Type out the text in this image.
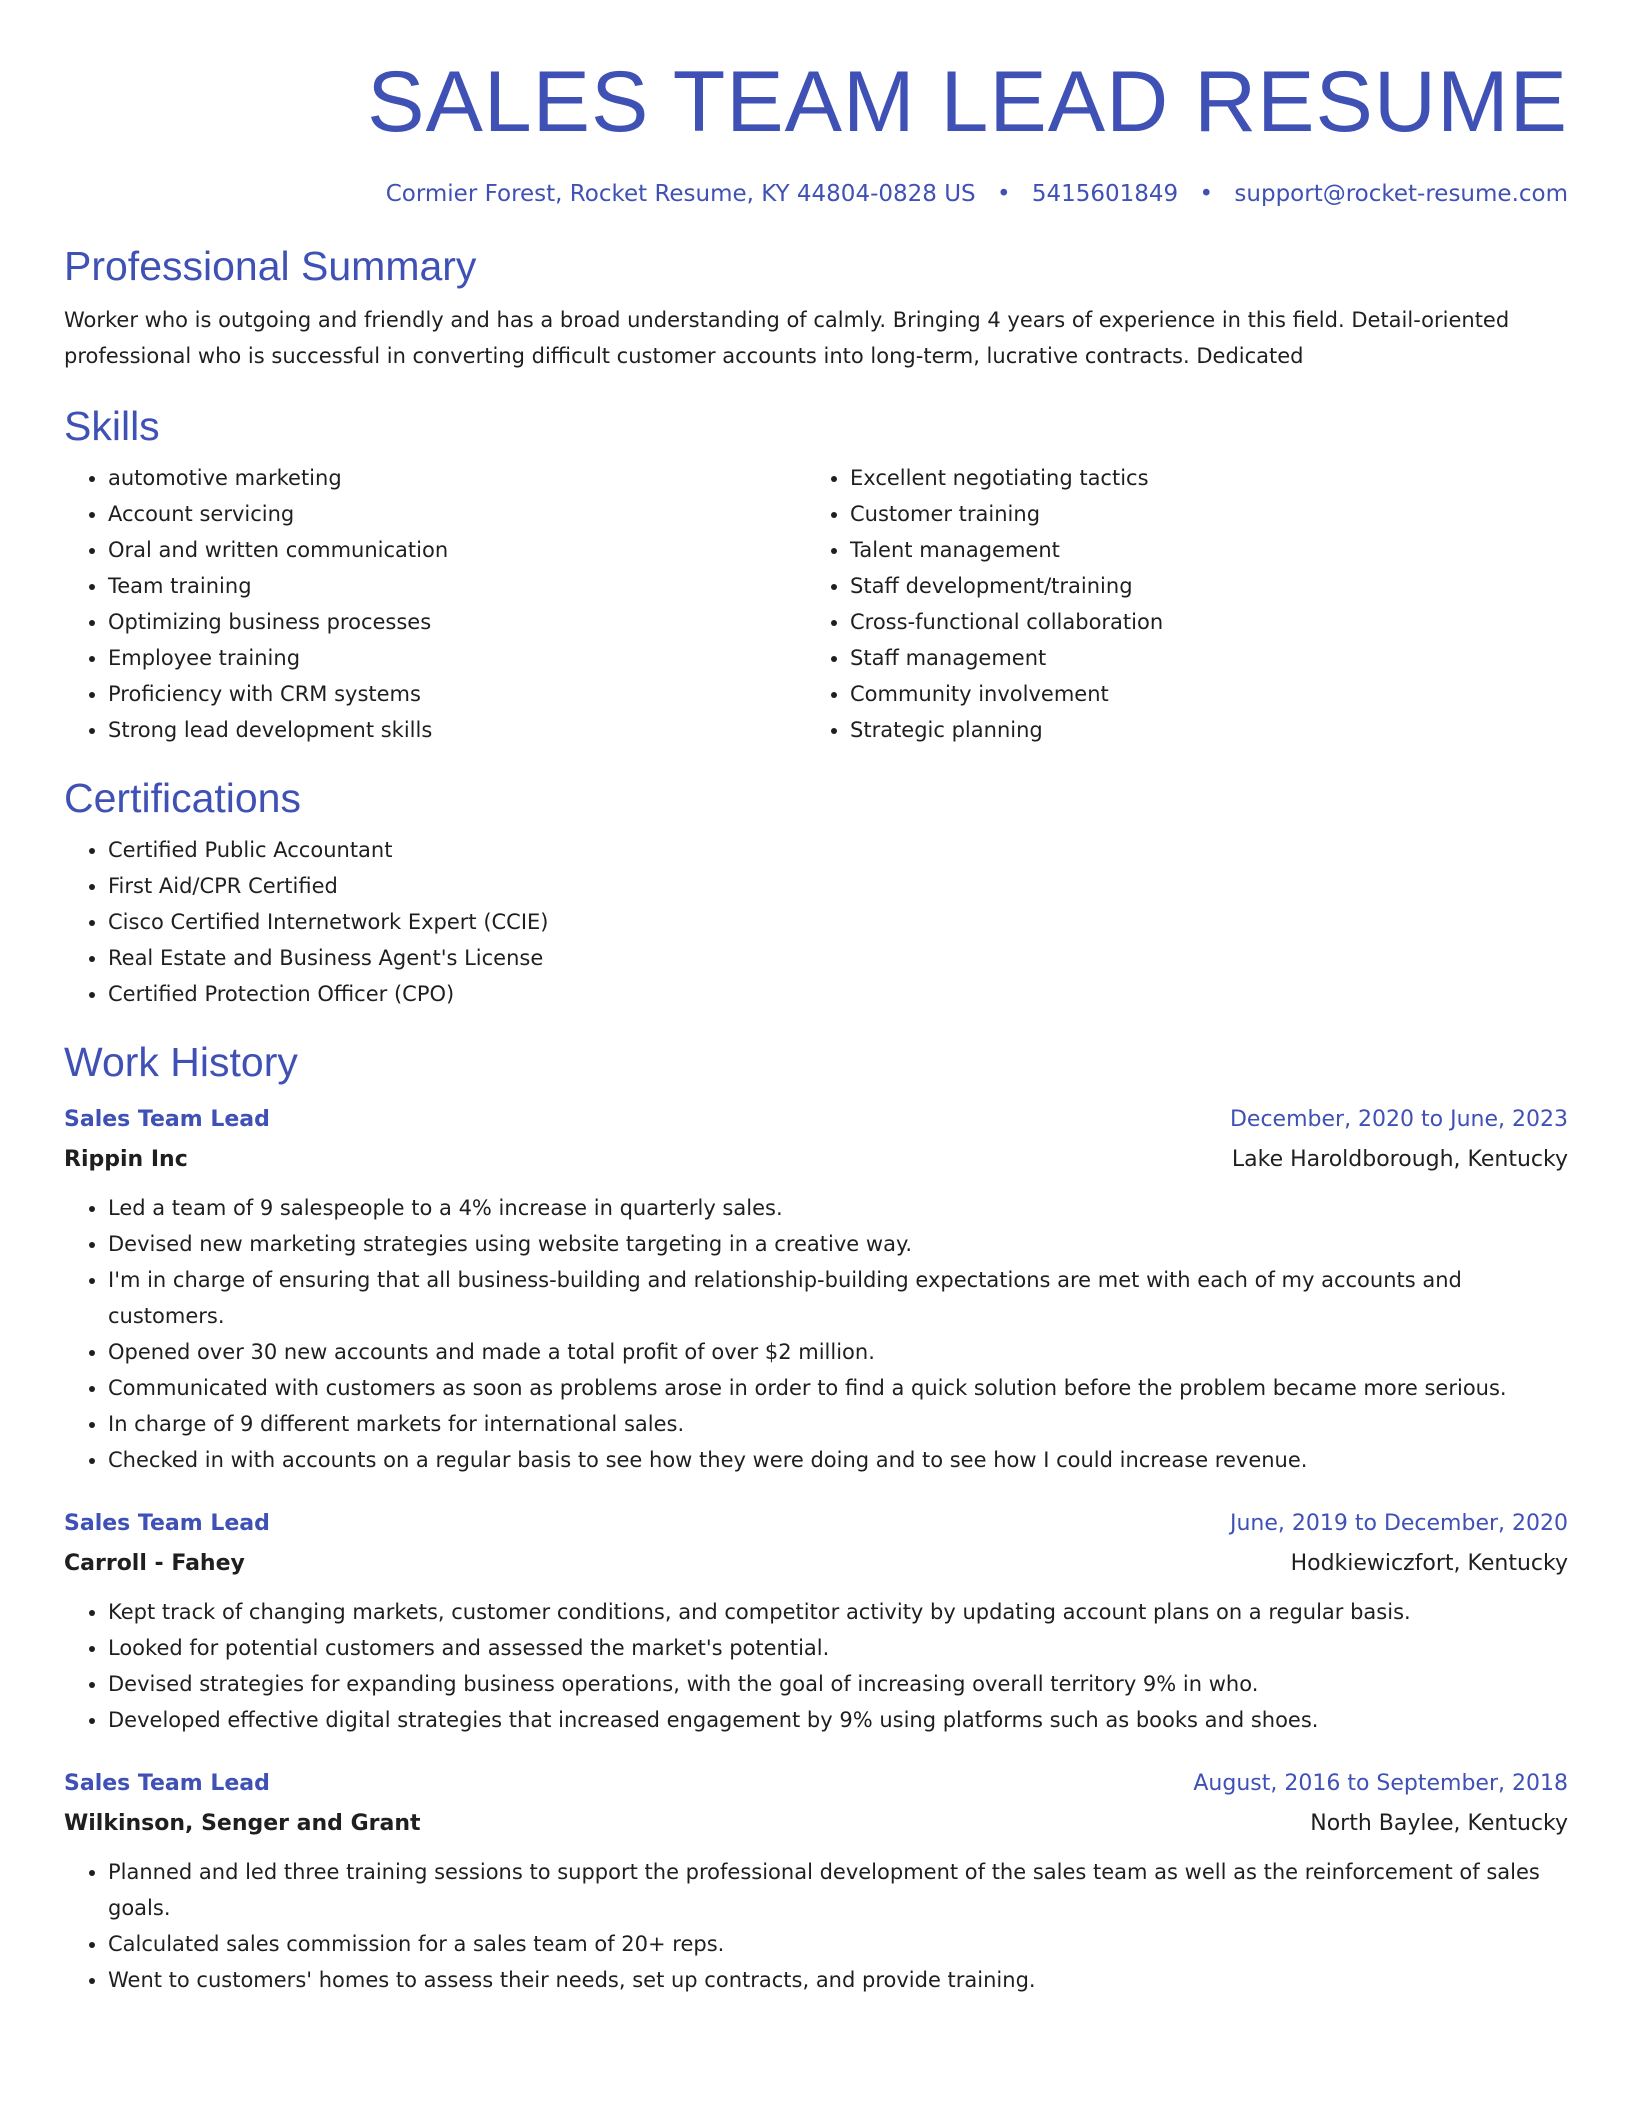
SALES TEAM LEAD RESUME
Cormier Forest, Rocket Resume, KY 44804-0828 US • 5415601849 • support@rocket-resume.com
Professional Summary

Worker who is outgoing and friendly and has a broad understanding of calmly. Bringing 4 years of experience in this field. Detail-oriented professional who is successful in converting difficult customer accounts into long-term, lucrative contracts. Dedicated

Skills
• automotive marketing
• Account servicing
• Oral and written communication
• Team training
• Optimizing business processes
• Employee training
• Proficiency with CRM systems
• Strong lead development skills
• Excellent negotiating tactics
• Customer training
• Talent management
• Staff development/training
• Cross-functional collaboration
• Staff management
• Community involvement
• Strategic planning
Certifications
• Certified Public Accountant
• First Aid/CPR Certified
• Cisco Certified Internetwork Expert (CCIE)
• Real Estate and Business Agent's License
• Certified Protection Officer (CPO)
Work History
Sales Team Lead	December, 2020 to June, 2023
Rippin Inc	Lake Haroldborough, Kentucky
• Led a team of 9 salespeople to a 4% increase in quarterly sales.
• Devised new marketing strategies using website targeting in a creative way.
• I'm in charge of ensuring that all business-building and relationship-building expectations are met with each of my accounts and customers.
• Opened over 30 new accounts and made a total profit of over $2 million.
• Communicated with customers as soon as problems arose in order to find a quick solution before the problem became more serious.
• In charge of 9 different markets for international sales.
• Checked in with accounts on a regular basis to see how they were doing and to see how I could increase revenue.
Sales Team Lead	June, 2019 to December, 2020
Carroll - Fahey	Hodkiewiczfort, Kentucky
• Kept track of changing markets, customer conditions, and competitor activity by updating account plans on a regular basis.
• Looked for potential customers and assessed the market's potential.
• Devised strategies for expanding business operations, with the goal of increasing overall territory 9% in who.
• Developed effective digital strategies that increased engagement by 9% using platforms such as books and shoes.
Sales Team Lead	August, 2016 to September, 2018
Wilkinson, Senger and Grant	North Baylee, Kentucky
• Planned and led three training sessions to support the professional development of the sales team as well as the reinforcement of sales goals.
• Calculated sales commission for a sales team of 20+ reps.
• Went to customers' homes to assess their needs, set up contracts, and provide training.
